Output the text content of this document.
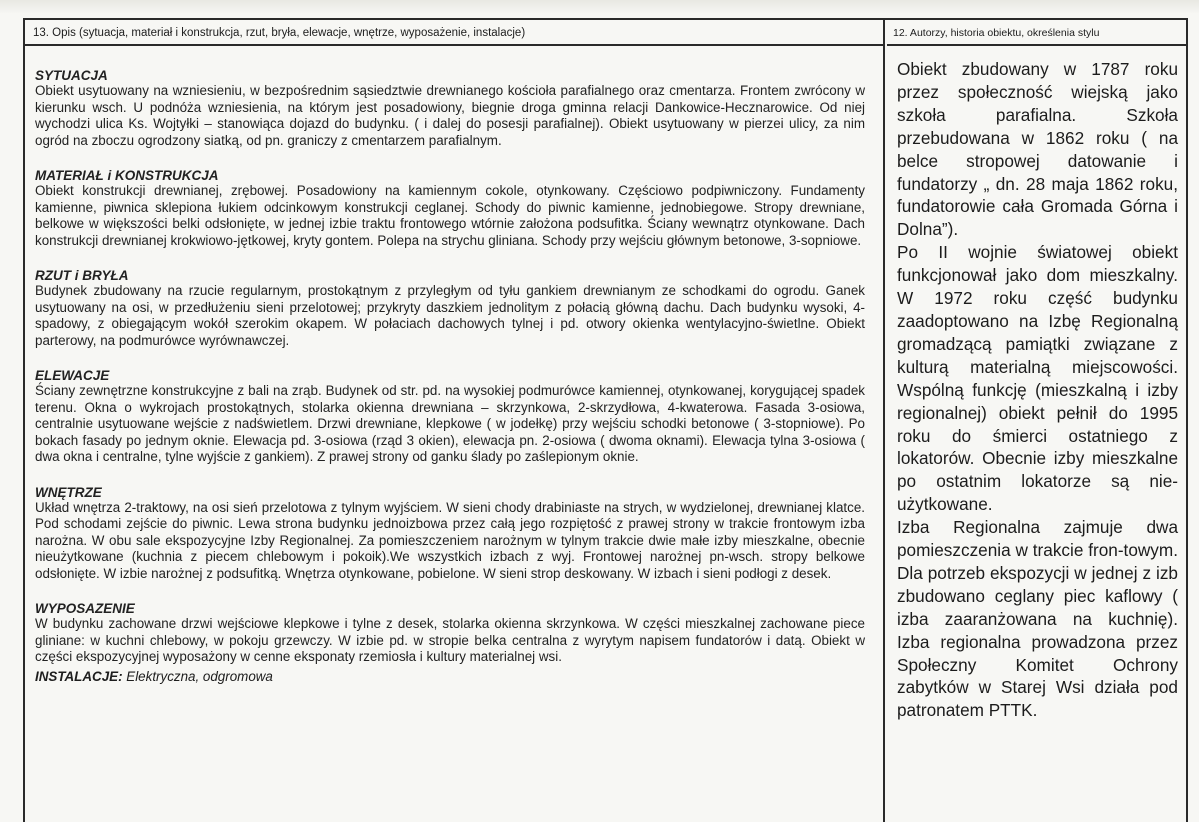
13. Opis (sytuacja, materiał i konstrukcja, rzut, bryła, elewacje, wnętrze, wyposażenie, instalacje)
SYTUACJA
Obiekt usytuowany na wzniesieniu, w bezpośrednim sąsiedztwie drewnianego kościoła parafialnego oraz cmentarza. Frontem zwrócony w kierunku wsch. U podnóża wzniesienia, na którym jest posadowiony, biegnie droga gminna relacji Dankowice-Hecznarowice. Od niej wychodzi ulica Ks. Wojtyłki – stanowiąca dojazd do budynku. ( i dalej do posesji parafialnej). Obiekt usytuowany w pierzei ulicy, za nim ogród na zboczu ogrodzony siatką, od pn. graniczy z cmentarzem parafialnym.
MATERIAŁ i KONSTRUKCJA
Obiekt konstrukcji drewnianej, zrębowej. Posadowiony na kamiennym cokole, otynkowany. Częściowo podpiwniczony. Fundamenty kamienne, piwnica sklepiona łukiem odcinkowym konstrukcji ceglanej. Schody do piwnic kamienne, jednobiegowe. Stropy drewniane, belkowe w większości belki odsłonięte, w jednej izbie traktu frontowego wtórnie założona podsufitka. Ściany wewnątrz otynkowane. Dach konstrukcji drewnianej krokwiowo-jętkowej, kryty gontem. Polepa na strychu gliniana. Schody przy wejściu głównym betonowe, 3-sopniowe.
RZUT i BRYŁA
Budynek zbudowany na rzucie regularnym, prostokątnym z przyległym od tyłu gankiem drewnianym ze schodkami do ogrodu. Ganek usytuowany na osi, w przedłużeniu sieni przelotowej; przykryty daszkiem jednolitym z połacią główną dachu. Dach budynku wysoki, 4-spadowy, z obiegającym wokół szerokim okapem. W połaciach dachowych tylnej i pd. otwory okienka wentylacyjno-świetlne. Obiekt parterowy, na podmurówce wyrównawczej.
ELEWACJE
Ściany zewnętrzne konstrukcyjne z bali na zrąb. Budynek od str. pd. na wysokiej podmurówce kamiennej, otynkowanej, korygującej spadek terenu. Okna o wykrojach prostokątnych, stolarka okienna drewniana – skrzynkowa, 2-skrzydłowa, 4-kwaterowa. Fasada 3-osiowa, centralnie usytuowane wejście z nadświetlem. Drzwi drewniane, klepkowe ( w jodełkę) przy wejściu schodki betonowe ( 3-stopniowe). Po bokach fasady po jednym oknie. Elewacja pd. 3-osiowa (rząd 3 okien), elewacja pn. 2-osiowa ( dwoma oknami). Elewacja tylna 3-osiowa ( dwa okna i centralne, tylne wyjście z gankiem). Z prawej strony od ganku ślady po zaślepionym oknie.
WNĘTRZE
Układ wnętrza 2-traktowy, na osi sień przelotowa z tylnym wyjściem. W sieni chody drabiniaste na strych, w wydzielonej, drewnianej klatce. Pod schodami zejście do piwnic. Lewa strona budynku jednoizbowa przez całą jego rozpiętość z prawej strony w trakcie frontowym izba narożna. W obu sale ekspozycyjne Izby Regionalnej. Za pomieszczeniem narożnym w tylnym trakcie dwie małe izby mieszkalne, obecnie nieużytkowane (kuchnia z piecem chlebowym i pokoik).We wszystkich izbach z wyj. Frontowej narożnej pn-wsch. stropy belkowe odsłonięte. W izbie narożnej z podsufitką. Wnętrza otynkowane, pobielone. W sieni strop deskowany. W izbach i sieni podłogi z desek.
WYPOSAZENIE
W budynku zachowane drzwi wejściowe klepkowe i tylne z desek, stolarka okienna skrzynkowa. W części mieszkalnej zachowane piece gliniane: w kuchni chlebowy, w pokoju grzewczy. W izbie pd. w stropie belka centralna z wyrytym napisem fundatorów i datą. Obiekt w części ekspozycyjnej wyposażony w cenne eksponaty rzemiosła i kultury materialnej wsi.
INSTALACJE: Elektryczna, odgromowa
12. Autorzy, historia obiektu, określenia stylu
Obiekt zbudowany w 1787 roku przez społeczność wiejską jako szkoła parafialna. Szkoła przebudowana w 1862 roku ( na belce stropowej datowanie i fundatorzy „ dn. 28 maja 1862 roku, fundatorowie cała Gromada Górna i Dolna”).
Po II wojnie światowej obiekt funkcjonował jako dom mieszkalny. W 1972 roku część budynku zaadoptowano na Izbę Regionalną gromadzącą pamiątki związane z kulturą materialną miejscowości. Wspólną funkcję (mieszkalną i izby regionalnej) obiekt pełnił do 1995 roku do śmierci ostatniego z lokatorów. Obecnie izby mieszkalne po ostatnim lokatorze są nie-użytkowane.
Izba Regionalna zajmuje dwa pomieszczenia w trakcie fron-towym. Dla potrzeb ekspozycji w jednej z izb zbudowano ceglany piec kaflowy ( izba zaaranżowana na kuchnię). Izba regionalna prowadzona przez Społeczny Komitet Ochrony zabytków w Starej Wsi działa pod patronatem PTTK.
